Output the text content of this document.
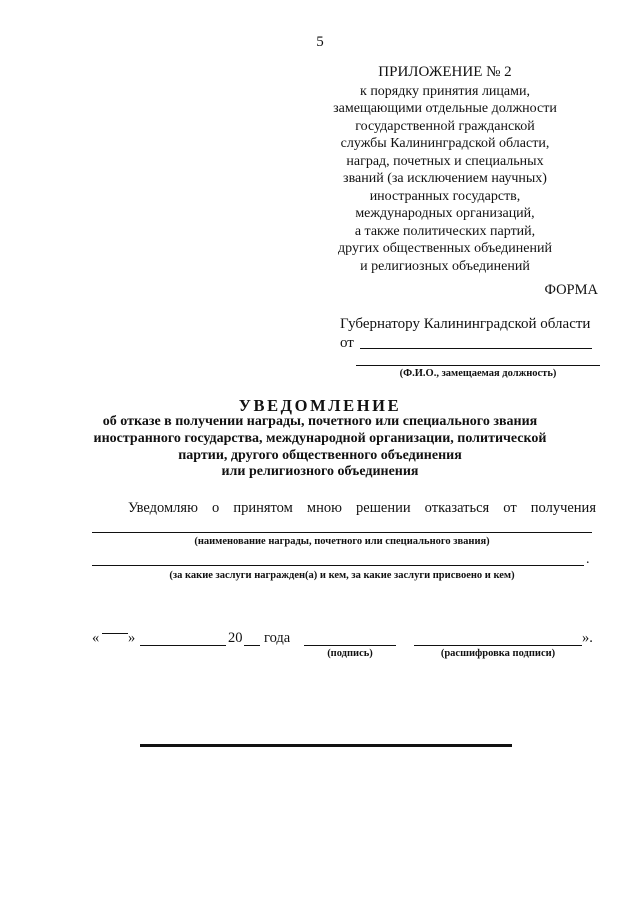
5
ПРИЛОЖЕНИЕ № 2
к порядку принятия лицами,
замещающими отдельные должности
государственной гражданской
службы Калининградской области,
наград, почетных и специальных
званий (за исключением научных)
иностранных государств,
международных организаций,
а также политических партий,
других общественных объединений
и религиозных объединений
ФОРМА
Губернатору Калининградской области
от
(Ф.И.О., замещаемая должность)
УВЕДОМЛЕНИЕ
об отказе в получении награды, почетного или специального звания
иностранного государства, международной организации, политической
партии, другого общественного объединения
или религиозного объединения
Уведомляю о принятом мною решении отказаться от получения
(наименование награды, почетного или специального звания)
.
(за какие заслуги награжден(а) и кем, за какие заслуги присвоено и кем)
« »	20 года	».
(подпись)	(расшифровка подписи)
